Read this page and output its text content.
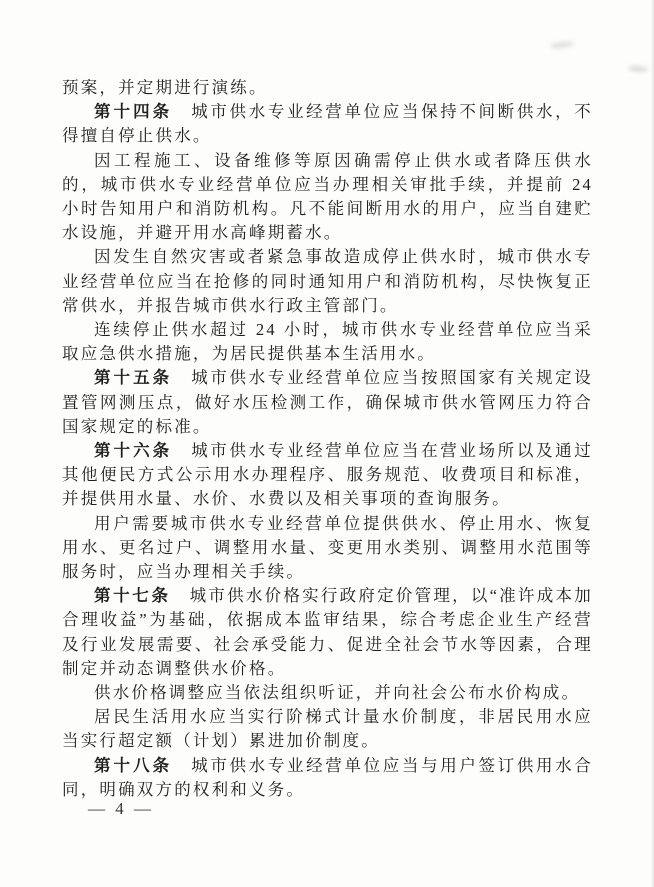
预案，并定期进行演练。

第十四条 城市供水专业经营单位应当保持不间断供水，不得擅自停止供水。

因工程施工、设备维修等原因确需停止供水或者降压供水的，城市供水专业经营单位应当办理相关审批手续，并提前 24 小时告知用户和消防机构。凡不能间断用水的用户，应当自建贮水设施，并避开用水高峰期蓄水。

因发生自然灾害或者紧急事故造成停止供水时，城市供水专业经营单位应当在抢修的同时通知用户和消防机构，尽快恢复正常供水，并报告城市供水行政主管部门。

连续停止供水超过 24 小时，城市供水专业经营单位应当采取应急供水措施，为居民提供基本生活用水。

第十五条 城市供水专业经营单位应当按照国家有关规定设置管网测压点，做好水压检测工作，确保城市供水管网压力符合国家规定的标准。

第十六条 城市供水专业经营单位应当在营业场所以及通过其他便民方式公示用水办理程序、服务规范、收费项目和标准，并提供用水量、水价、水费以及相关事项的查询服务。

用户需要城市供水专业经营单位提供供水、停止用水、恢复用水、更名过户、调整用水量、变更用水类别、调整用水范围等服务时，应当办理相关手续。

第十七条 城市供水价格实行政府定价管理，以“准许成本加合理收益”为基础，依据成本监审结果，综合考虑企业生产经营及行业发展需要、社会承受能力、促进全社会节水等因素，合理制定并动态调整供水价格。

供水价格调整应当依法组织听证，并向社会公布水价构成。

居民生活用水应当实行阶梯式计量水价制度，非居民用水应当实行超定额（计划）累进加价制度。

第十八条 城市供水专业经营单位应当与用户签订供用水合同，明确双方的权利和义务。

— 4 —
